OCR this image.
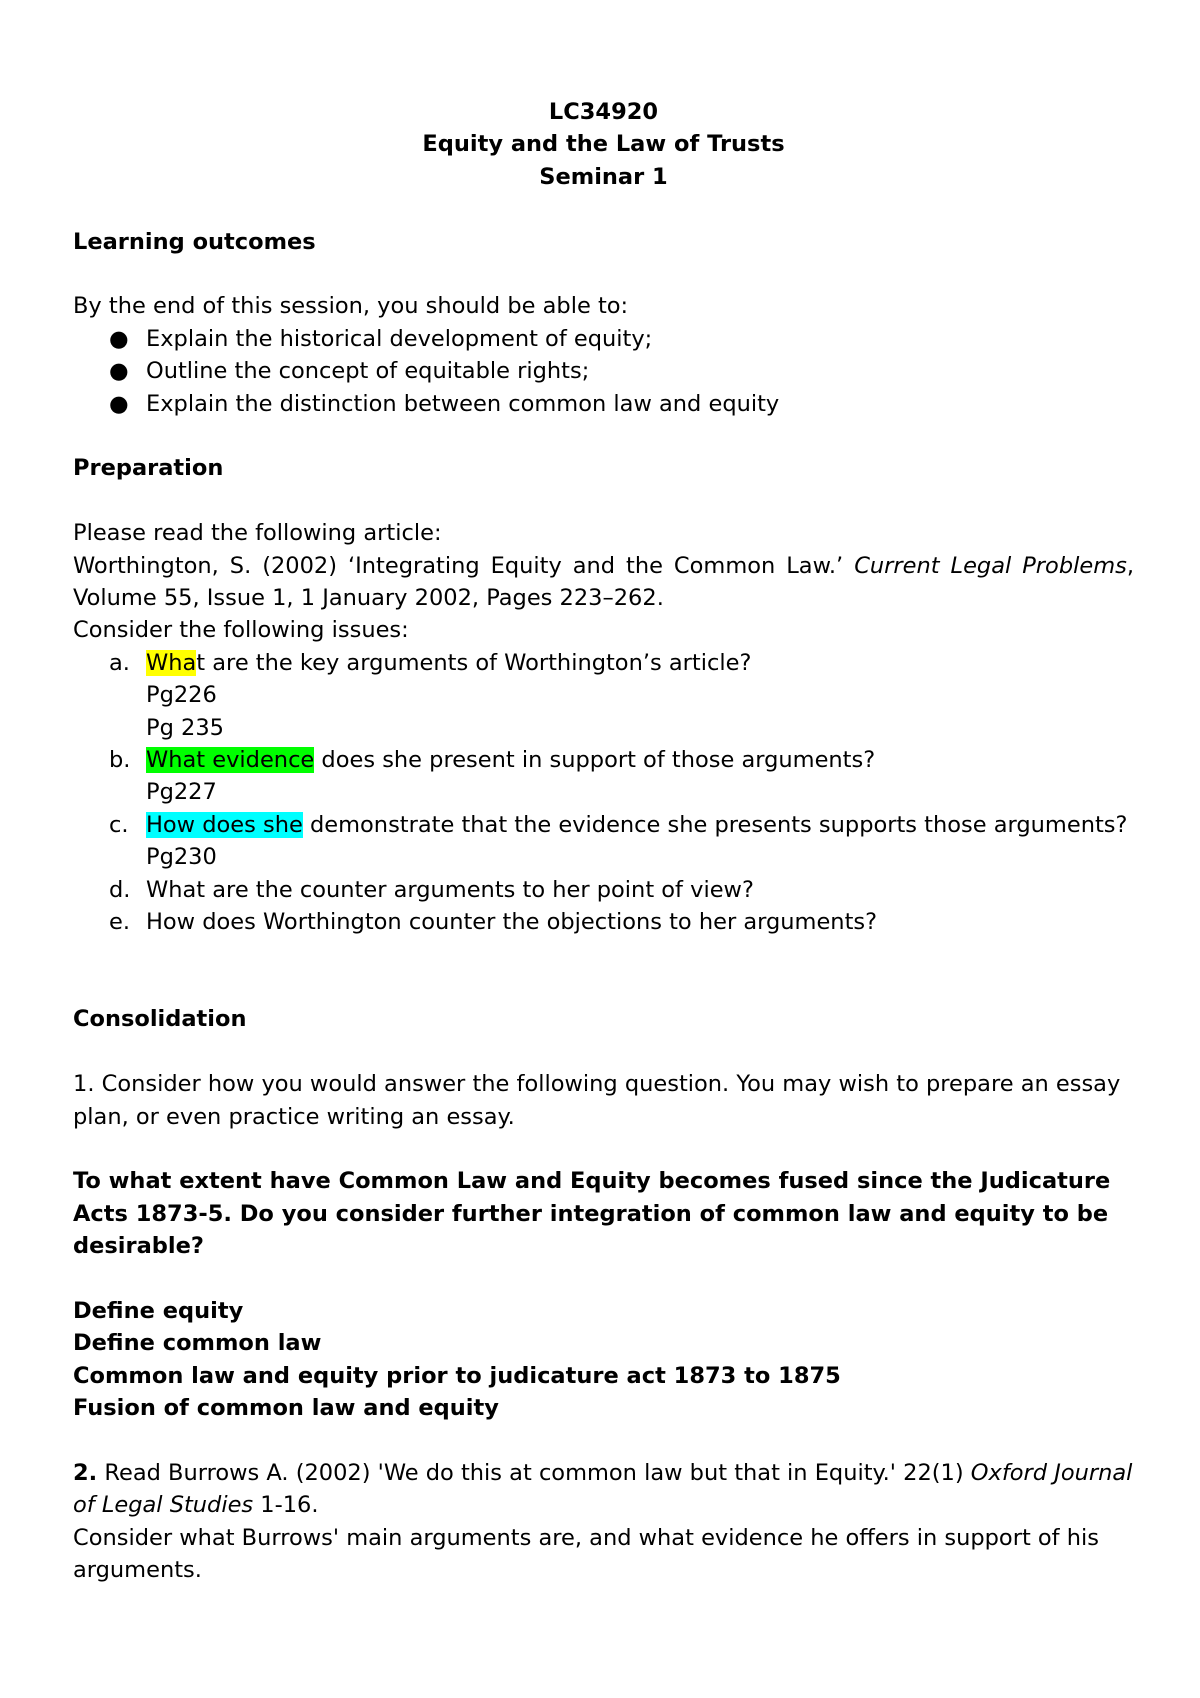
LC34920
Equity and the Law of Trusts
Seminar 1
Learning outcomes
By the end of this session, you should be able to:
● Explain the historical development of equity;
● Outline the concept of equitable rights;
● Explain the distinction between common law and equity
Preparation
Please read the following article:
Worthington, S. (2002) ‘Integrating Equity and the Common Law.’ Current Legal Problems, Volume 55, Issue 1, 1 January 2002, Pages 223–262.
Consider the following issues:
a. What are the key arguments of Worthington’s article?
Pg226
Pg 235
b. What evidence does she present in support of those arguments?
Pg227
c. How does she demonstrate that the evidence she presents supports those arguments?
Pg230
d. What are the counter arguments to her point of view?
e. How does Worthington counter the objections to her arguments?
Consolidation
1. Consider how you would answer the following question. You may wish to prepare an essay plan, or even practice writing an essay.
To what extent have Common Law and Equity becomes fused since the Judicature Acts 1873-5. Do you consider further integration of common law and equity to be desirable?
Define equity
Define common law
Common law and equity prior to judicature act 1873 to 1875
Fusion of common law and equity
2. Read Burrows A. (2002) 'We do this at common law but that in Equity.' 22(1) Oxford Journal of Legal Studies 1-16.
Consider what Burrows' main arguments are, and what evidence he offers in support of his arguments.
